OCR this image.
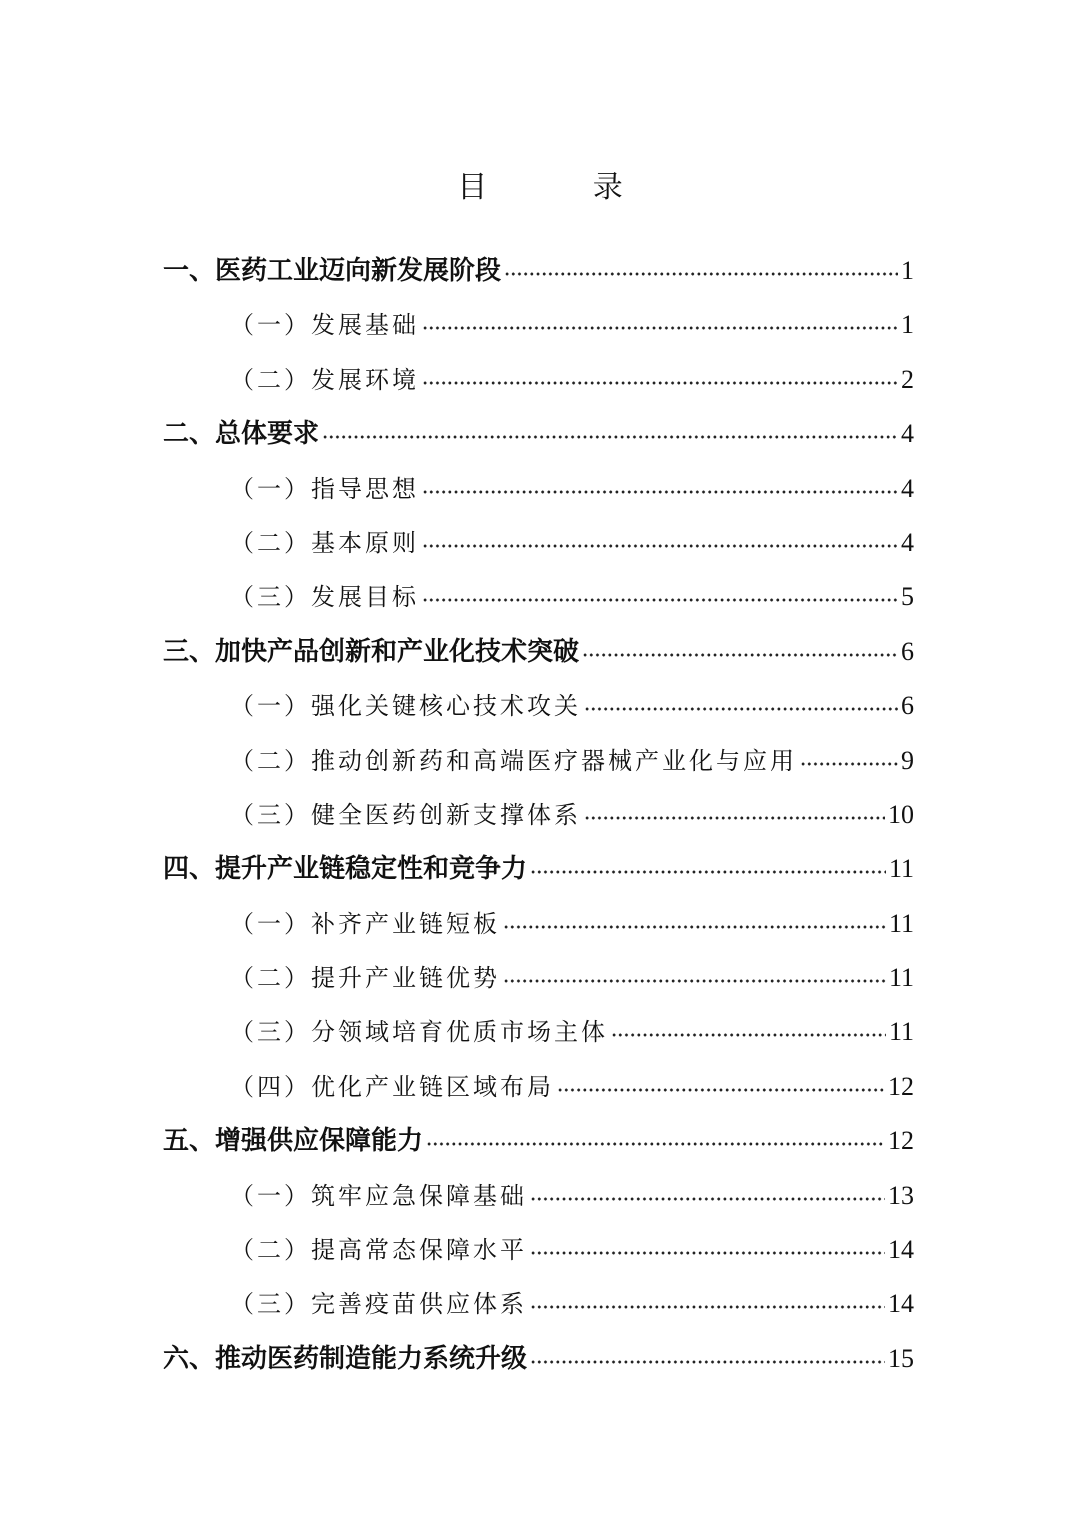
目 录
一、医药工业迈向新发展阶段	1
（一）发展基础	1
（二）发展环境	2
二、总体要求	4
（一）指导思想	4
（二）基本原则	4
（三）发展目标	5
三、加快产品创新和产业化技术突破	6
（一）强化关键核心技术攻关	6
（二）推动创新药和高端医疗器械产业化与应用	9
（三）健全医药创新支撑体系	10
四、提升产业链稳定性和竞争力	11
（一）补齐产业链短板	11
（二）提升产业链优势	11
（三）分领域培育优质市场主体	11
（四）优化产业链区域布局	12
五、增强供应保障能力	12
（一）筑牢应急保障基础	13
（二）提高常态保障水平	14
（三）完善疫苗供应体系	14
六、推动医药制造能力系统升级	15
